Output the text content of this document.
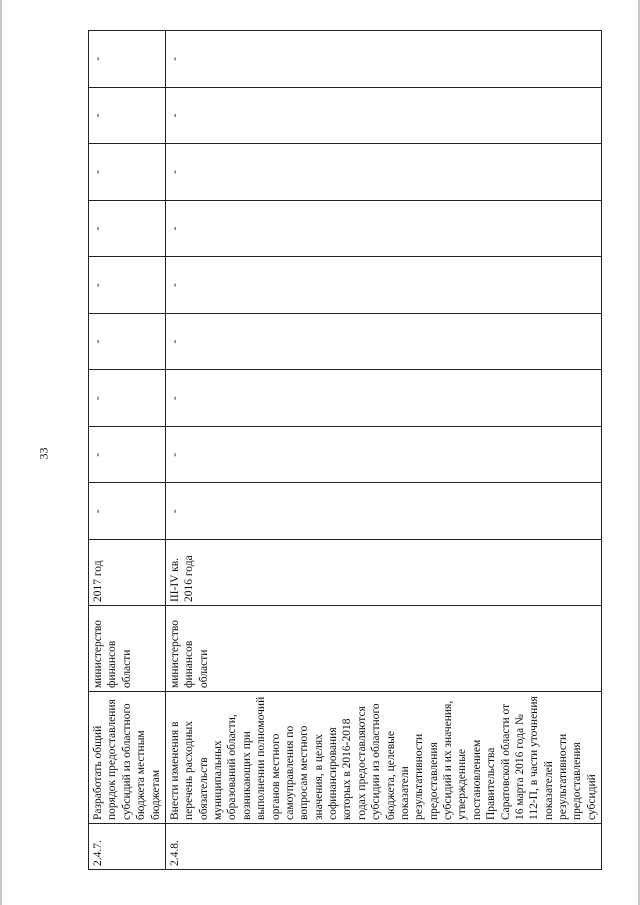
33
2.4.7.	Разработать общий порядок предоставления субсидий из областного бюджета местным бюджетам	министерство финансов области	2017 год	-	-	-	-	-	-	-	-	-
2.4.8.	Внести изменения в перечень расходных обязательств муниципальных образований области, возникающих при выполнении полномочий органов местного самоуправления по вопросам местного значения, в целях софинансирования которых в 2016-2018 годах предоставляются субсидии из областного бюджета, целевые показатели результативности предоставления субсидий и их значения, утвержденные постановлением Правительства Саратовской области от 16 марта 2016 года № 112-П, в части уточнения показателей результативности предоставления субсидий	министерство финансов области	III-IV кв. 2016 года	-	-	-	-	-	-	-	-	-
